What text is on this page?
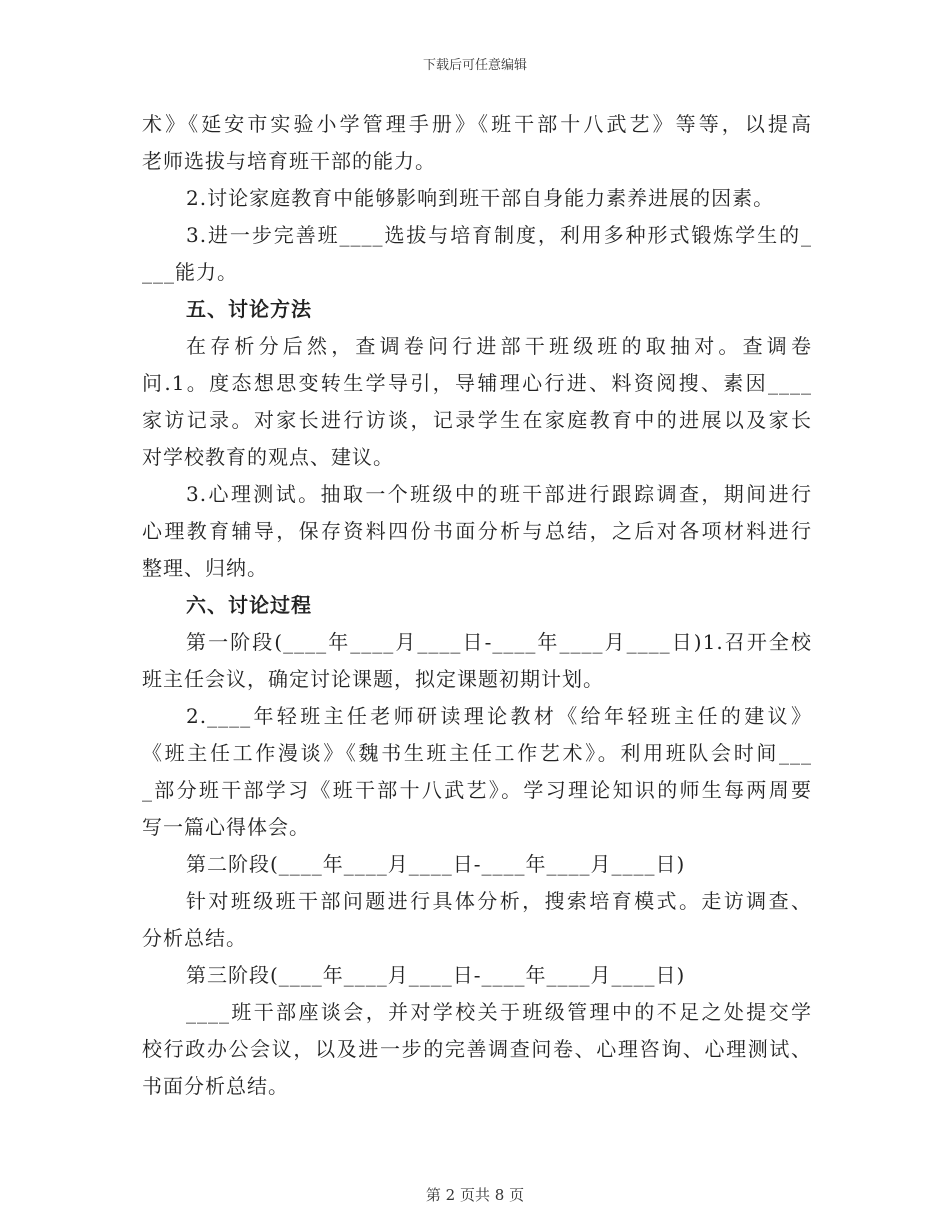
下载后可任意编辑
术》《延安市实验小学管理手册》《班干部十八武艺》等等，以提高
老师选拔与培育班干部的能力。
2.讨论家庭教育中能够影响到班干部自身能力素养进展的因素。
3.进一步完善班____选拔与培育制度，利用多种形式锻炼学生的_
___能力。
五、讨论方法
在存析分后然，查调卷问行进部干班级班的取抽对。查调卷
问.1。度态想思变转生学导引，导辅理心行进、料资阅搜、素因____
家访记录。对家长进行访谈，记录学生在家庭教育中的进展以及家长
对学校教育的观点、建议。
3.心理测试。抽取一个班级中的班干部进行跟踪调查，期间进行
心理教育辅导，保存资料四份书面分析与总结，之后对各项材料进行
整理、归纳。
六、讨论过程
第一阶段(____年____月____日-____年____月____日)1.召开全校
班主任会议，确定讨论课题，拟定课题初期计划。
2.____年轻班主任老师研读理论教材《给年轻班主任的建议》
《班主任工作漫谈》《魏书生班主任工作艺术》。利用班队会时间___
_部分班干部学习《班干部十八武艺》。学习理论知识的师生每两周要
写一篇心得体会。
第二阶段(____年____月____日-____年____月____日)
针对班级班干部问题进行具体分析，搜索培育模式。走访调查、
分析总结。
第三阶段(____年____月____日-____年____月____日)
____班干部座谈会，并对学校关于班级管理中的不足之处提交学
校行政办公会议，以及进一步的完善调查问卷、心理咨询、心理测试、
书面分析总结。
第 2 页共 8 页
